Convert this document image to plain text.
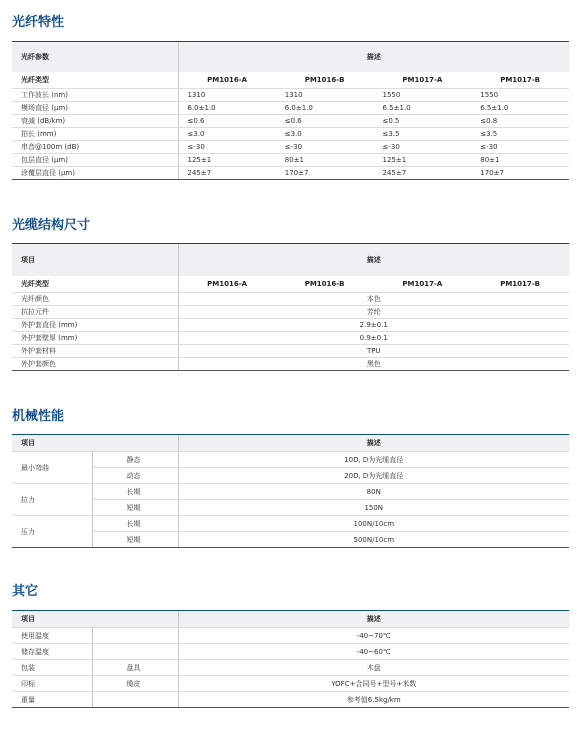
光纤特性
光纤参数	描述			
光纤类型	PM1016-A	PM1016-B	PM1017-A	PM1017-B
工作波长 (nm)	1310	1310	1550	1550
模场直径 (μm)	6.0±1.0	6.0±1.0	6.5±1.0	6.5±1.0
衰减 (dB/km)	≤0.6	≤0.6	≤0.5	≤0.8
拍长 (mm)	≤3.0	≤3.0	≤3.5	≤3.5
串音@100m (dB)	≤-30	≤-30	≤-30	≤-30
包层直径 (μm)	125±1	80±1	125±1	80±1
涂覆层直径 (μm)	245±7	170±7	245±7	170±7
光缆结构尺寸
项目	描述			
光纤类型	PM1016-A	PM1016-B	PM1017-A	PM1017-B
光纤颜色	本色			
抗拉元件	芳纶			
外护套直径 (mm)	2.9±0.1			
外护套壁厚 (mm)	0.9±0.1			
外护套材料	TPU			
外护套颜色	黑色			
机械性能
项目		描述
最小弯曲	静态	10D, D为光缆直径
	动态	20D, D为光缆直径
拉力	长期	80N
	短期	150N
压力	长期	100N/10cm
	短期	500N/10cm
其它
项目		描述
使用温度		-40~70℃
储存温度		-40~60℃
包装	盘具	木盘
印标	缆皮	YOFC+合同号+型号+米数
重量		参考值6.5kg/km
